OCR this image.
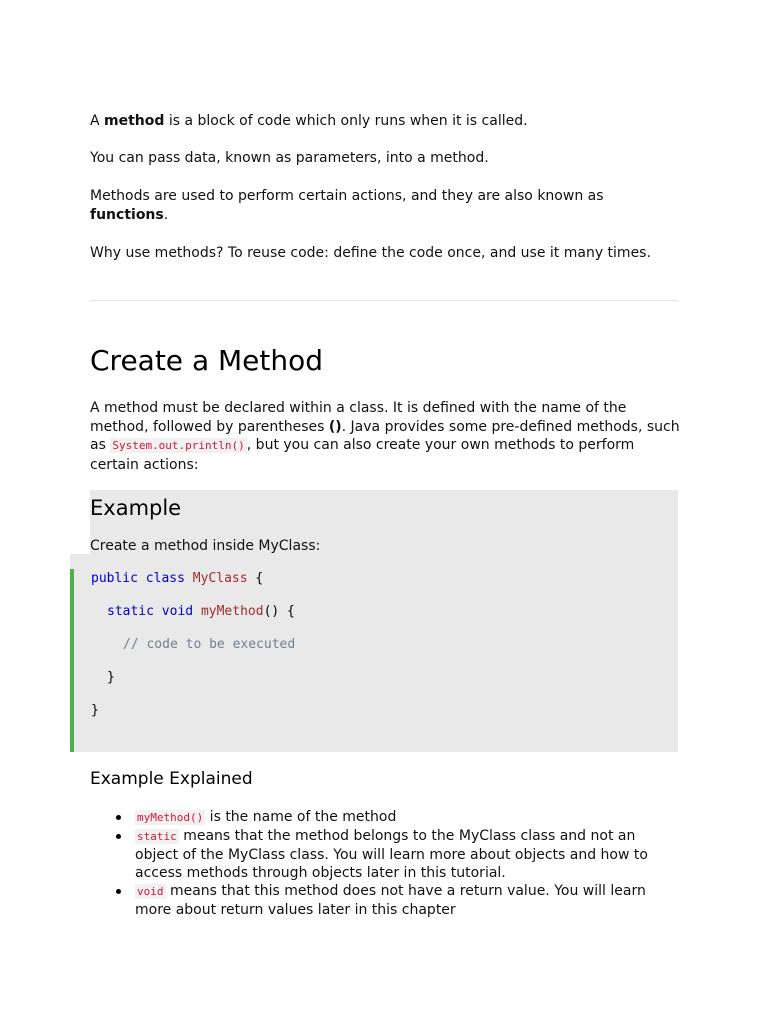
A method is a block of code which only runs when it is called.

You can pass data, known as parameters, into a method.

Methods are used to perform certain actions, and they are also known as functions.

Why use methods? To reuse code: define the code once, and use it many times.

Create a Method

A method must be declared within a class. It is defined with the name of the method, followed by parentheses (). Java provides some pre-defined methods, such as System.out.println() , but you can also create your own methods to perform certain actions:

Example

Create a method inside MyClass:

public class MyClass {
static void myMethod() {
// code to be executed
}
}
Example Explained
myMethod() is the name of the method
static means that the method belongs to the MyClass class and not an object of the MyClass class. You will learn more about objects and how to access methods through objects later in this tutorial.
void means that this method does not have a return value. You will learn more about return values later in this chapter
